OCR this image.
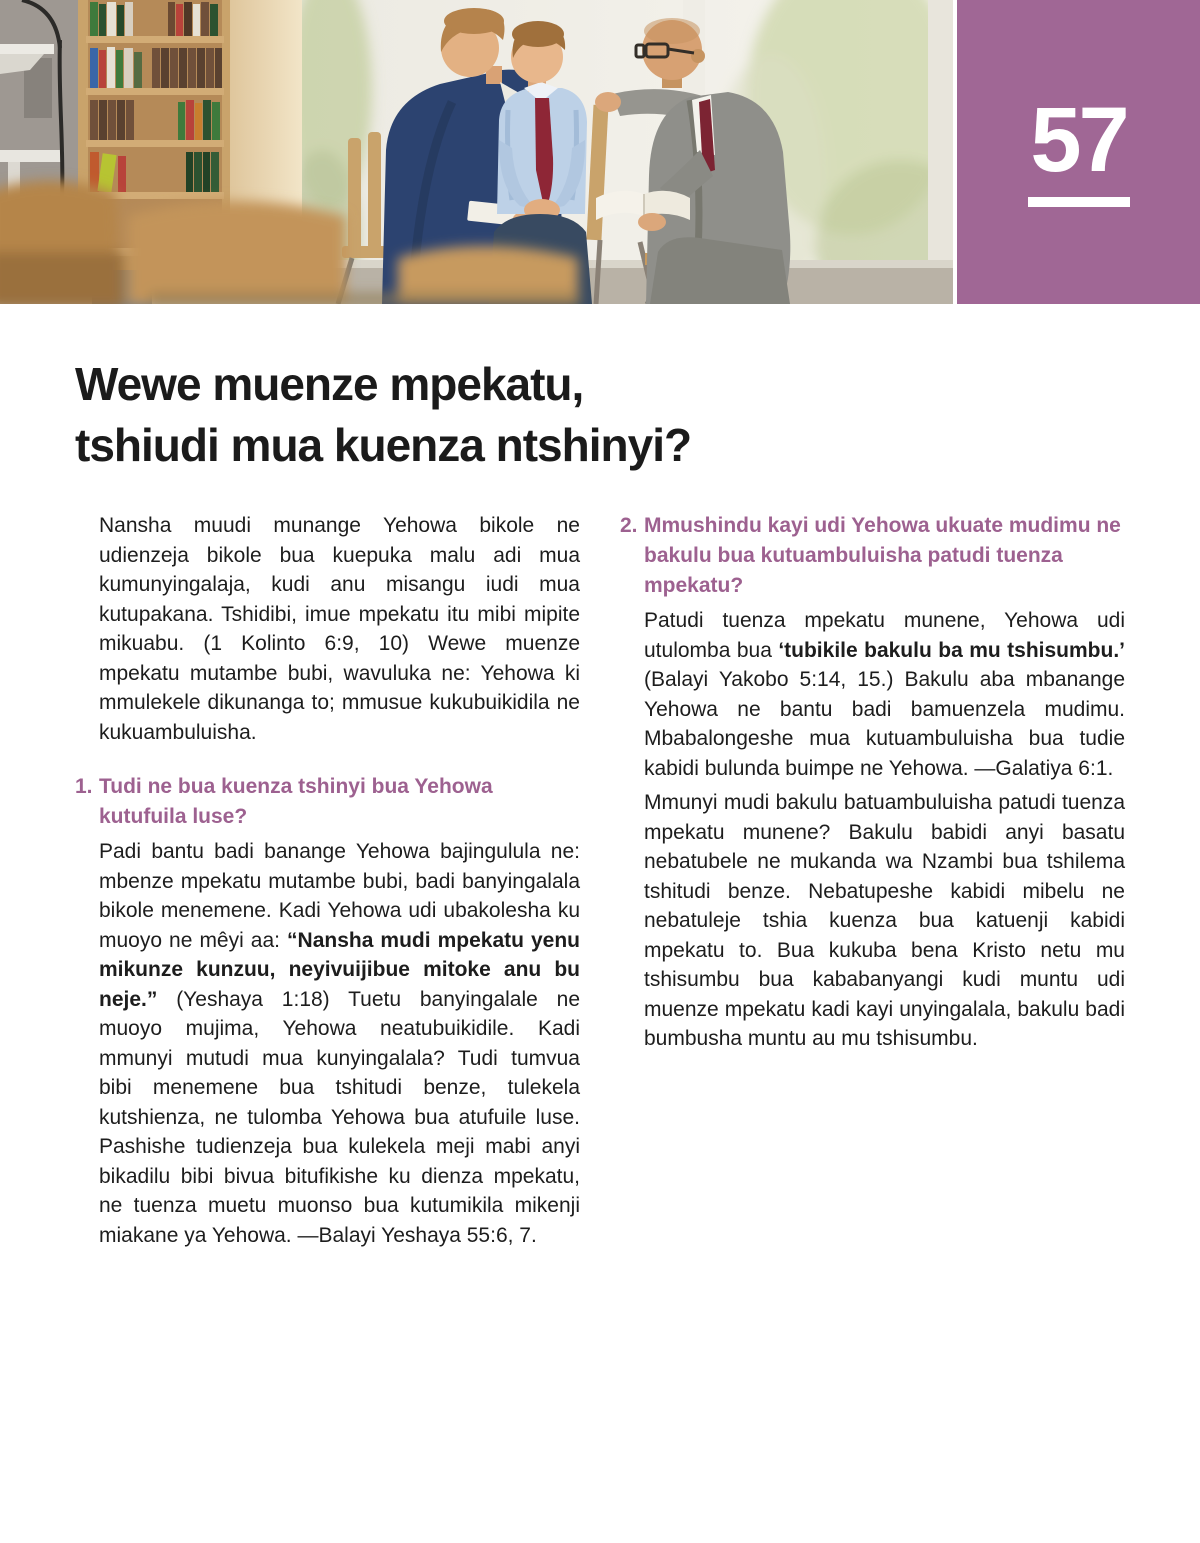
57
Wewe muenze mpekatu,
tshiudi mua kuenza ntshinyi?

Nansha muudi munange Yehowa bikole ne udienzeja bikole bua kuepuka malu adi mua kumunyingalaja, kudi anu misangu iudi mua kutupakana. Tshidibi, imue mpekatu itu mibi mipite mikuabu. (1 Kolinto 6:9, 10) Wewe muenze mpekatu mutambe bubi, wavuluka ne: Yehowa ki mmulekele dikunanga to; mmusue kukubuikidila ne kukuambuluisha.

1. Tudi ne bua kuenza tshinyi bua Yehowa kutufuila luse?

Padi bantu badi banange Yehowa bajingulula ne: mbenze mpekatu mutambe bubi, badi banyingalala bikole menemene. Kadi Yehowa udi ubakolesha ku muoyo ne mêyi aa: “Nansha mudi mpekatu yenu mikunze kunzuu, neyivuijibue mitoke anu bu neje.” (Yeshaya 1:18) Tuetu banyingalale ne muoyo mujima, Yehowa neatubuikidile. Kadi mmunyi mutudi mua kunyingalala? Tudi tumvua bibi menemene bua tshitudi benze, tulekela kutshienza, ne tulomba Yehowa bua atufuile luse. Pashishe tudienzeja bua kulekela meji mabi anyi bikadilu bibi bivua bitufikishe ku dienza mpekatu, ne tuenza muetu muonso bua kutumikila mikenji miakane ya Yehowa. —Balayi Yeshaya 55:6, 7.

2. Mmushindu kayi udi Yehowa ukuate mudimu ne bakulu bua kutuambuluisha patudi tuenza mpekatu?

Patudi tuenza mpekatu munene, Yehowa udi utulomba bua ‘tubikile bakulu ba mu tshisumbu.’ (Balayi Yakobo 5:14, 15.) Bakulu aba mbanange Yehowa ne bantu badi bamuenzela mudimu. Mbabalongeshe mua kutuambuluisha bua tudie kabidi bulunda buimpe ne Yehowa. —Galatiya 6:1.

Mmunyi mudi bakulu batuambuluisha patudi tuenza mpekatu munene? Bakulu babidi anyi basatu nebatubele ne mukanda wa Nzambi bua tshilema tshitudi benze. Nebatupeshe kabidi mibelu ne nebatuleje tshia kuenza bua katuenji kabidi mpekatu to. Bua kukuba bena Kristo netu mu tshisumbu bua kababanyangi kudi muntu udi muenze mpekatu kadi kayi unyingalala, bakulu badi bumbusha muntu au mu tshisumbu.
